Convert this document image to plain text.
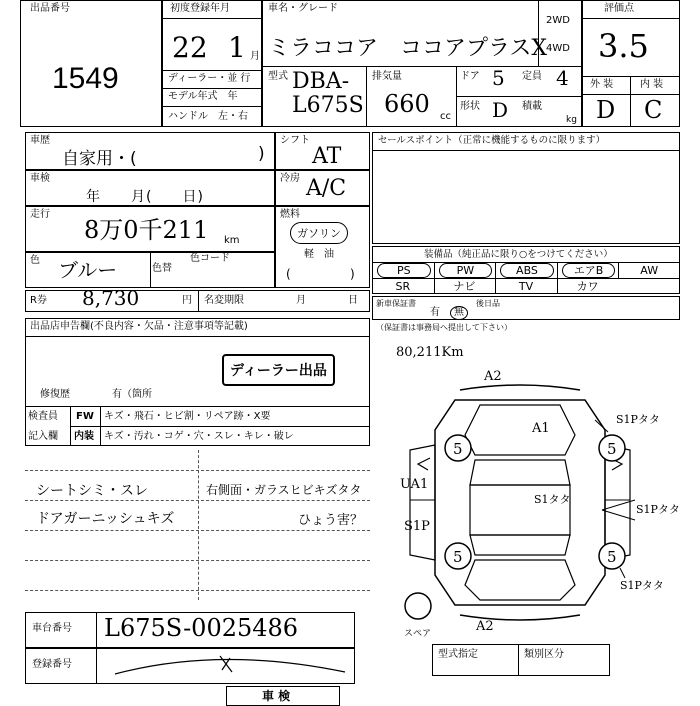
出品番号
1549
初度登録年月
22 1 月
ディーラー・並 行
モデル年式　年
ハンドル　左・右
車名・グレード
ミラココア ココアプラスX
2WD
4WD
型式 DBA-L675S
排気量
660 cc
ドア 5 定員 4
形状 D 積載
kg
評価点
3.5
外 装	内 装
D C
車歴
自家用・(	)
車検
年　　月(　　日)
走行
8万0千211 km
色 ブルー	色替
色コード
シフト
AT
冷房 A/C
燃料
ガソリン
軽　油
(	)
R券 8,730	円 名変期限	月	日
セールスポイント（正常に機能するものに限ります）
装備品（純正品に限り○をつけてください）
PS	PW	ABS	エアB	AW
SR	ナビ	TV	カワ
新車保証書
有	無
後日品
（保証書は事務局へ提出して下さい）
出品店申告欄(不良内容・欠品・注意事項等記載)
ディーラー出品
修復歴	有（箇所
検査員
記入欄
FW キズ・飛石・ヒビ割・リペア跡・X要
内装 キズ・汚れ・コゲ・穴・スレ・キレ・破レ
シートシミ・スレ
ドアガーニッシュキズ
右側面・ガラスヒビキズタタ
ひょう害？
80,211Km
5	5
5	5
A2
A1
S1Pタタ
UA1
S1タタ
S1Pタタ
S1P
S1Pタタ
スペア	A2
車台番号 L675S-0025486
登録番号
型式指定	類別区分
車 検
